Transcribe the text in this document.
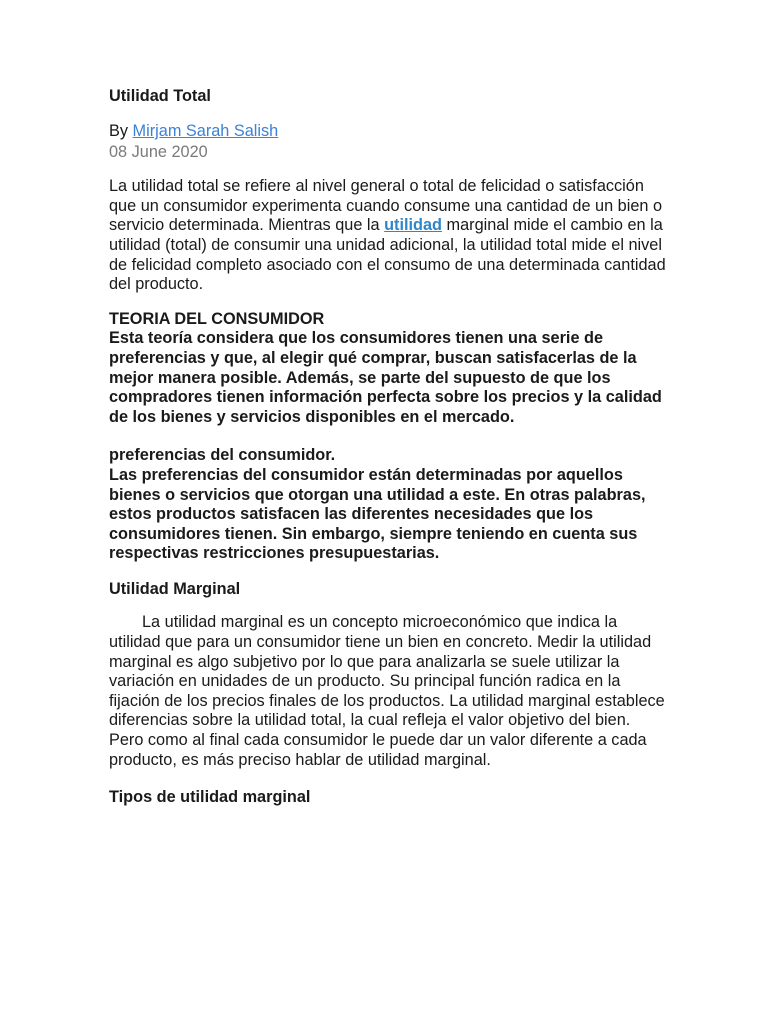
Utilidad Total

By Mirjam Sarah Salish

08 June 2020

La utilidad total se refiere al nivel general o total de felicidad o satisfacción que un consumidor experimenta cuando consume una cantidad de un bien o servicio determinada. Mientras que la utilidad marginal mide el cambio en la utilidad (total) de consumir una unidad adicional, la utilidad total mide el nivel de felicidad completo asociado con el consumo de una determinada cantidad del producto.

TEORIA DEL CONSUMIDOR
Esta teoría considera que los consumidores tienen una serie de preferencias y que, al elegir qué comprar, buscan satisfacerlas de la mejor manera posible. Además, se parte del supuesto de que los compradores tienen información perfecta sobre los precios y la calidad de los bienes y servicios disponibles en el mercado.
preferencias del consumidor.
Las preferencias del consumidor están determinadas por aquellos bienes o servicios que otorgan una utilidad a este. En otras palabras, estos productos satisfacen las diferentes necesidades que los consumidores tienen. Sin embargo, siempre teniendo en cuenta sus respectivas restricciones presupuestarias.

Utilidad Marginal

La utilidad marginal es un concepto microeconómico que indica la utilidad que para un consumidor tiene un bien en concreto. Medir la utilidad marginal es algo subjetivo por lo que para analizarla se suele utilizar la variación en unidades de un producto. Su principal función radica en la fijación de los precios finales de los productos. La utilidad marginal establece diferencias sobre la utilidad total, la cual refleja el valor objetivo del bien. Pero como al final cada consumidor le puede dar un valor diferente a cada producto, es más preciso hablar de utilidad marginal.

Tipos de utilidad marginal
